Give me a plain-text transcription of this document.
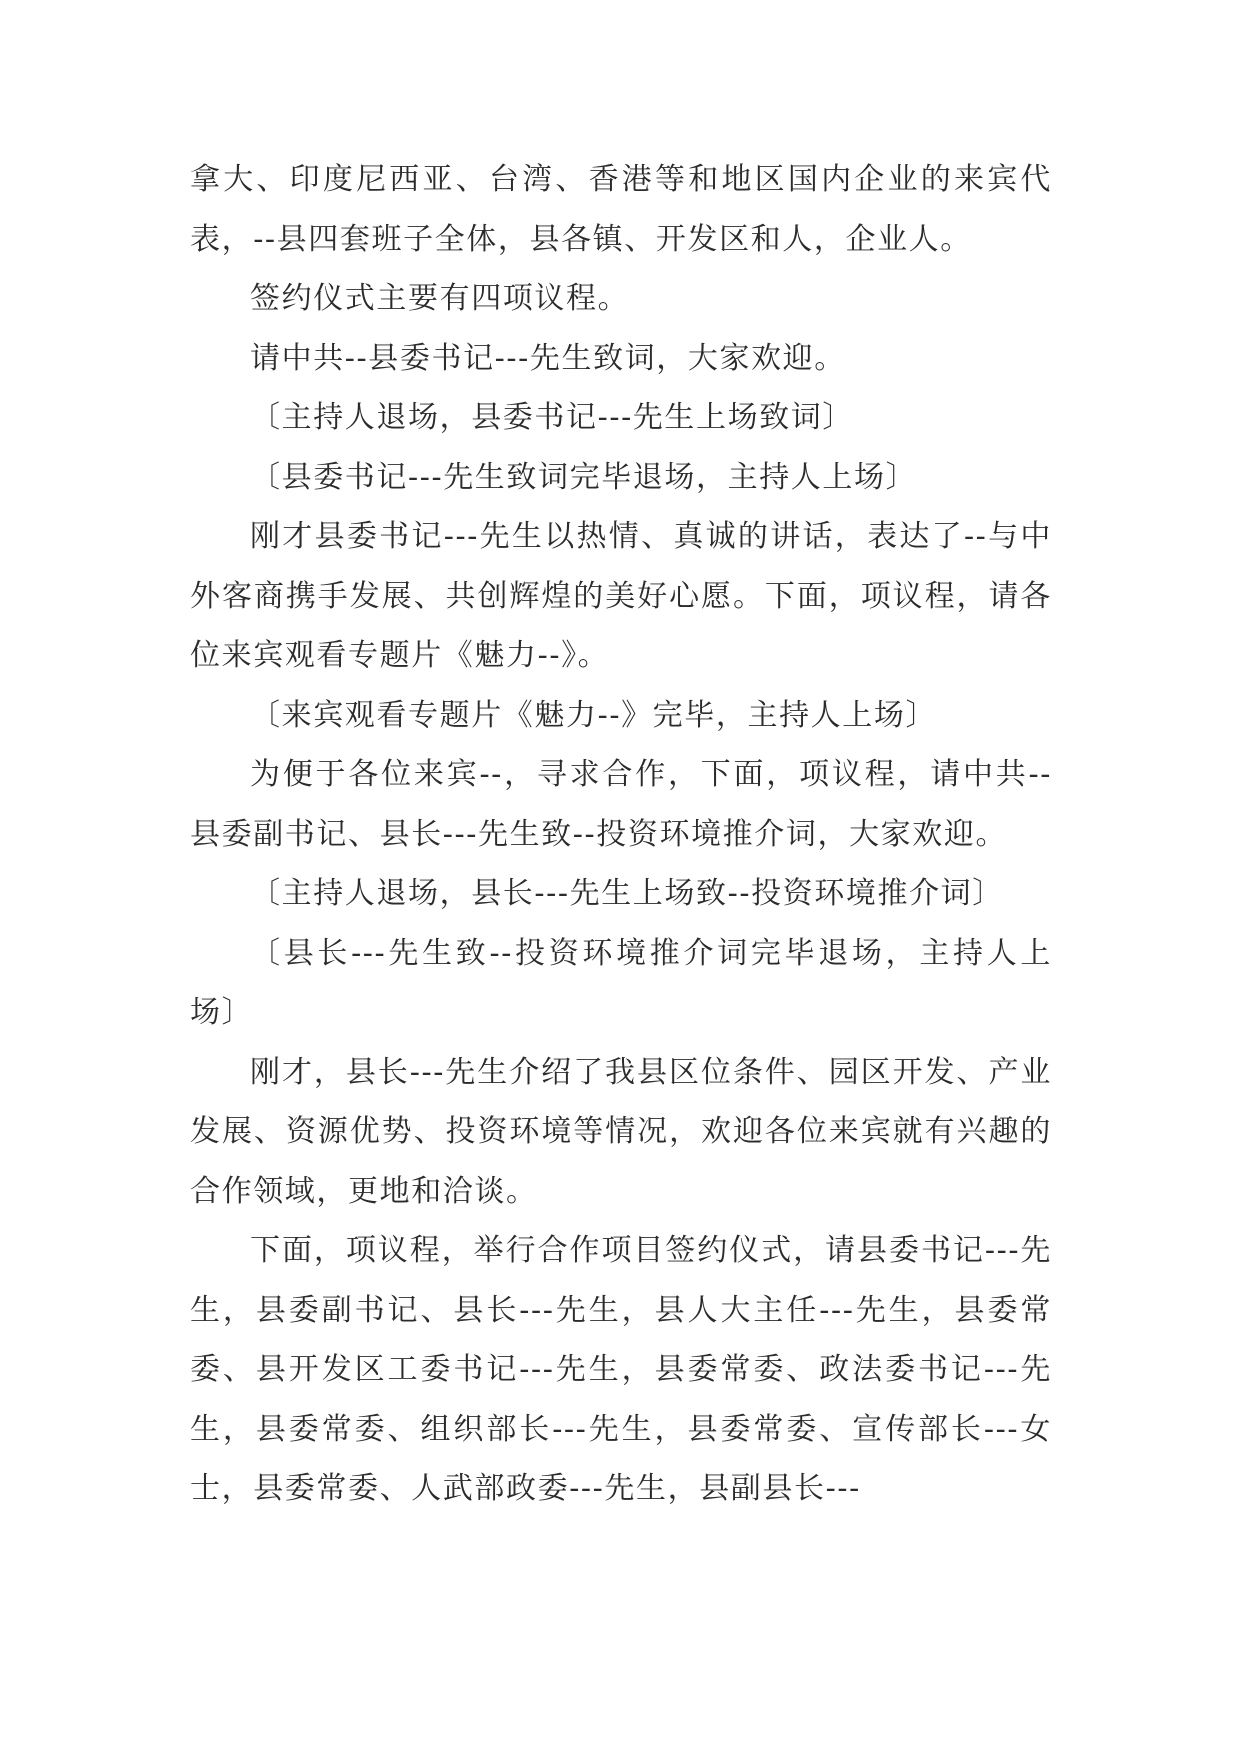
拿大、印度尼西亚、台湾、香港等和地区国内企业的来宾代表，--县四套班子全体，县各镇、开发区和人，企业人。

签约仪式主要有四项议程。

请中共--县委书记---先生致词，大家欢迎。

〔主持人退场，县委书记---先生上场致词〕

〔县委书记---先生致词完毕退场，主持人上场〕

刚才县委书记---先生以热情、真诚的讲话，表达了--与中外客商携手发展、共创辉煌的美好心愿。下面，项议程，请各位来宾观看专题片《魅力--》。

〔来宾观看专题片《魅力--》完毕，主持人上场〕

为便于各位来宾--，寻求合作，下面，项议程，请中共--县委副书记、县长---先生致--投资环境推介词，大家欢迎。

〔主持人退场，县长---先生上场致--投资环境推介词〕

〔县长---先生致--投资环境推介词完毕退场，主持人上场〕

刚才，县长---先生介绍了我县区位条件、园区开发、产业发展、资源优势、投资环境等情况，欢迎各位来宾就有兴趣的合作领域，更地和洽谈。

下面，项议程，举行合作项目签约仪式，请县委书记---先生，县委副书记、县长---先生，县人大主任---先生，县委常委、县开发区工委书记---先生，县委常委、政法委书记---先生，县委常委、组织部长---先生，县委常委、宣传部长---女士，县委常委、人武部政委---先生，县副县长---
